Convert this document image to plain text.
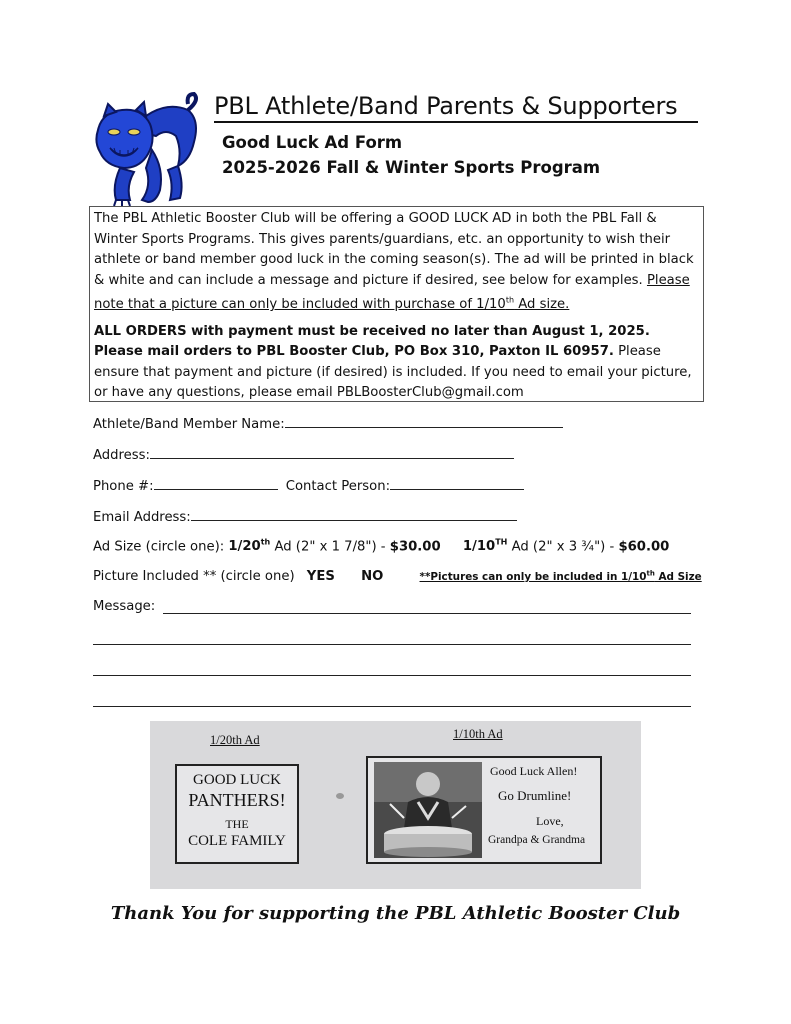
PBL Athlete/Band Parents & Supporters
Good Luck Ad Form
2025-2026 Fall & Winter Sports Program

The PBL Athletic Booster Club will be offering a GOOD LUCK AD in both the PBL Fall & Winter Sports Programs. This gives parents/guardians, etc. an opportunity to wish their athlete or band member good luck in the coming season(s). The ad will be printed in black & white and can include a message and picture if desired, see below for examples. Please note that a picture can only be included with purchase of 1/10th Ad size.

ALL ORDERS with payment must be received no later than August 1, 2025. Please mail orders to PBL Booster Club, PO Box 310, Paxton IL 60957. Please ensure that payment and picture (if desired) is included. If you need to email your picture, or have any questions, please email PBLBoosterClub@gmail.com

Athlete/Band Member Name:
Address:
Phone #:	Contact Person:
Email Address:
Ad Size (circle one): 1/20th Ad (2" x 1 7/8") - $30.00 1/10TH Ad (2" x 3 ¾") - $60.00
Picture Included ** (circle one) YES NO	**Pictures can only be included in 1/10th Ad Size
Message:
1/20th Ad
GOOD LUCK
PANTHERS!
THE
COLE FAMILY
1/10th Ad
Good Luck Allen!
Go Drumline!
Love,
Grandpa & Grandma
Thank You for supporting the PBL Athletic Booster Club
